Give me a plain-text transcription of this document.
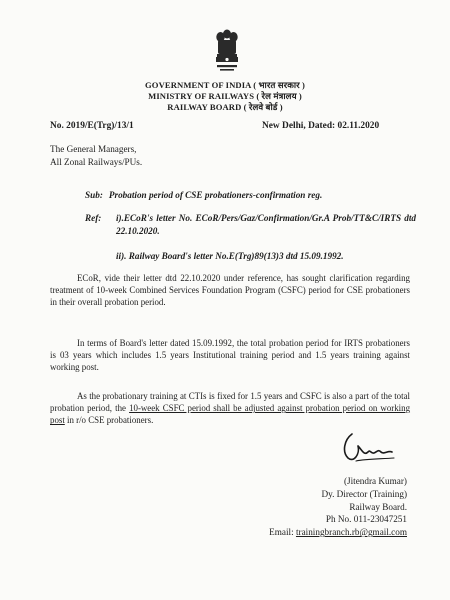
GOVERNMENT OF INDIA ( भारत सरकार )
MINISTRY OF RAILWAYS ( रेल मंत्रालय )
RAILWAY BOARD ( रेलवे बोर्ड )
No. 2019/E(Trg)/13/1	New Delhi, Dated: 02.11.2020
The General Managers,
All Zonal Railways/PUs.
Sub: Probation period of CSE probationers-confirmation reg.
Ref: i).ECoR's letter No. ECoR/Pers/Gaz/Confirmation/Gr.A Prob/TT&C/IRTS dtd 22.10.2020.
ii). Railway Board's letter No.E(Trg)89(13)3 dtd 15.09.1992.

ECoR, vide their letter dtd 22.10.2020 under reference, has sought clarification regarding treatment of 10-week Combined Services Foundation Program (CSFC) period for CSE probationers in their overall probation period.

In terms of Board's letter dated 15.09.1992, the total probation period for IRTS probationers is 03 years which includes 1.5 years Institutional training period and 1.5 years training against working post.

As the probationary training at CTIs is fixed for 1.5 years and CSFC is also a part of the total probation period, the 10-week CSFC period shall be adjusted against probation period on working post in r/o CSE probationers.

(Jitendra Kumar)
Dy. Director (Training)
Railway Board.
Ph No. 011-23047251
Email: trainingbranch.rb@gmail.com
